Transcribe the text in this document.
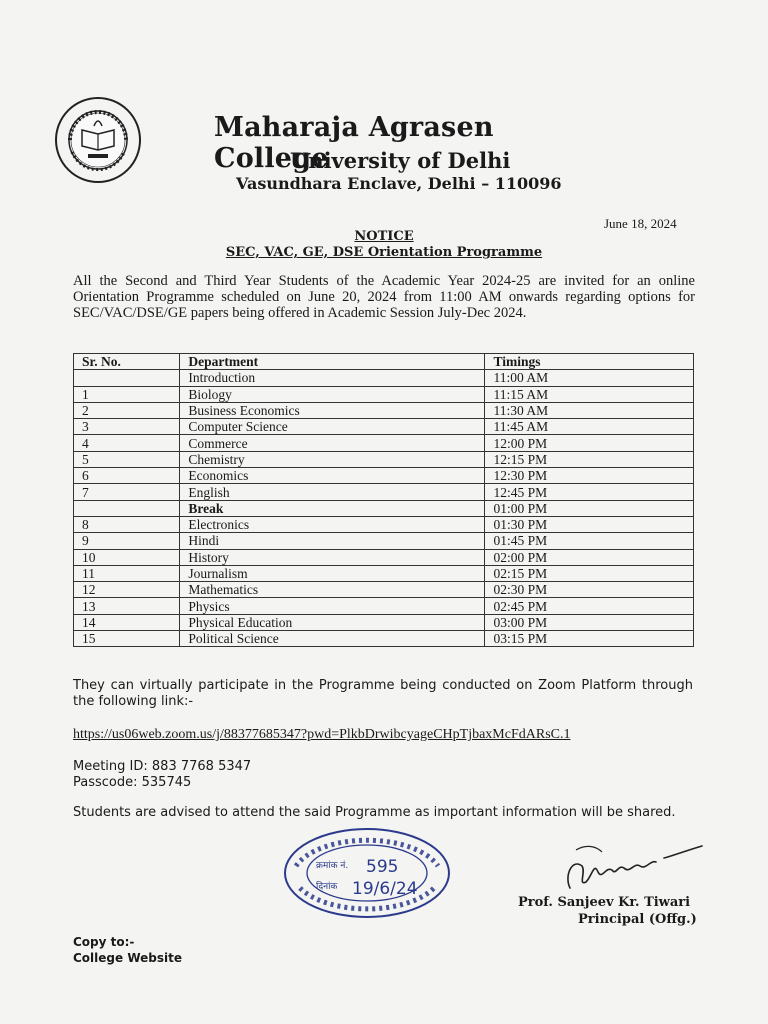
Maharaja Agrasen College
University of Delhi
Vasundhara Enclave, Delhi – 110096
June 18, 2024
NOTICE
SEC, VAC, GE, DSE Orientation Programme
All the Second and Third Year Students of the Academic Year 2024-25 are invited for an online Orientation Programme scheduled on June 20, 2024 from 11:00 AM onwards regarding options for SEC/VAC/DSE/GE papers being offered in Academic Session July-Dec 2024.
Sr. No.	Department	Timings
	Introduction	11:00 AM
1	Biology	11:15 AM
2	Business Economics	11:30 AM
3	Computer Science	11:45 AM
4	Commerce	12:00 PM
5	Chemistry	12:15 PM
6	Economics	12:30 PM
7	English	12:45 PM
	Break	01:00 PM
8	Electronics	01:30 PM
9	Hindi	01:45 PM
10	History	02:00 PM
11	Journalism	02:15 PM
12	Mathematics	02:30 PM
13	Physics	02:45 PM
14	Physical Education	03:00 PM
15	Political Science	03:15 PM
They can virtually participate in the Programme being conducted on Zoom Platform through the following link:-
https://us06web.zoom.us/j/88377685347?pwd=PlkbDrwibcyageCHpTjbaxMcFdARsC.1
Meeting ID: 883 7768 5347
Passcode: 535745
Students are advised to attend the said Programme as important information will be shared.
क्रमांक नं. 595
दिनांक 19/6/24
Prof. Sanjeev Kr. Tiwari
Principal (Offg.)
Copy to:-
College Website
